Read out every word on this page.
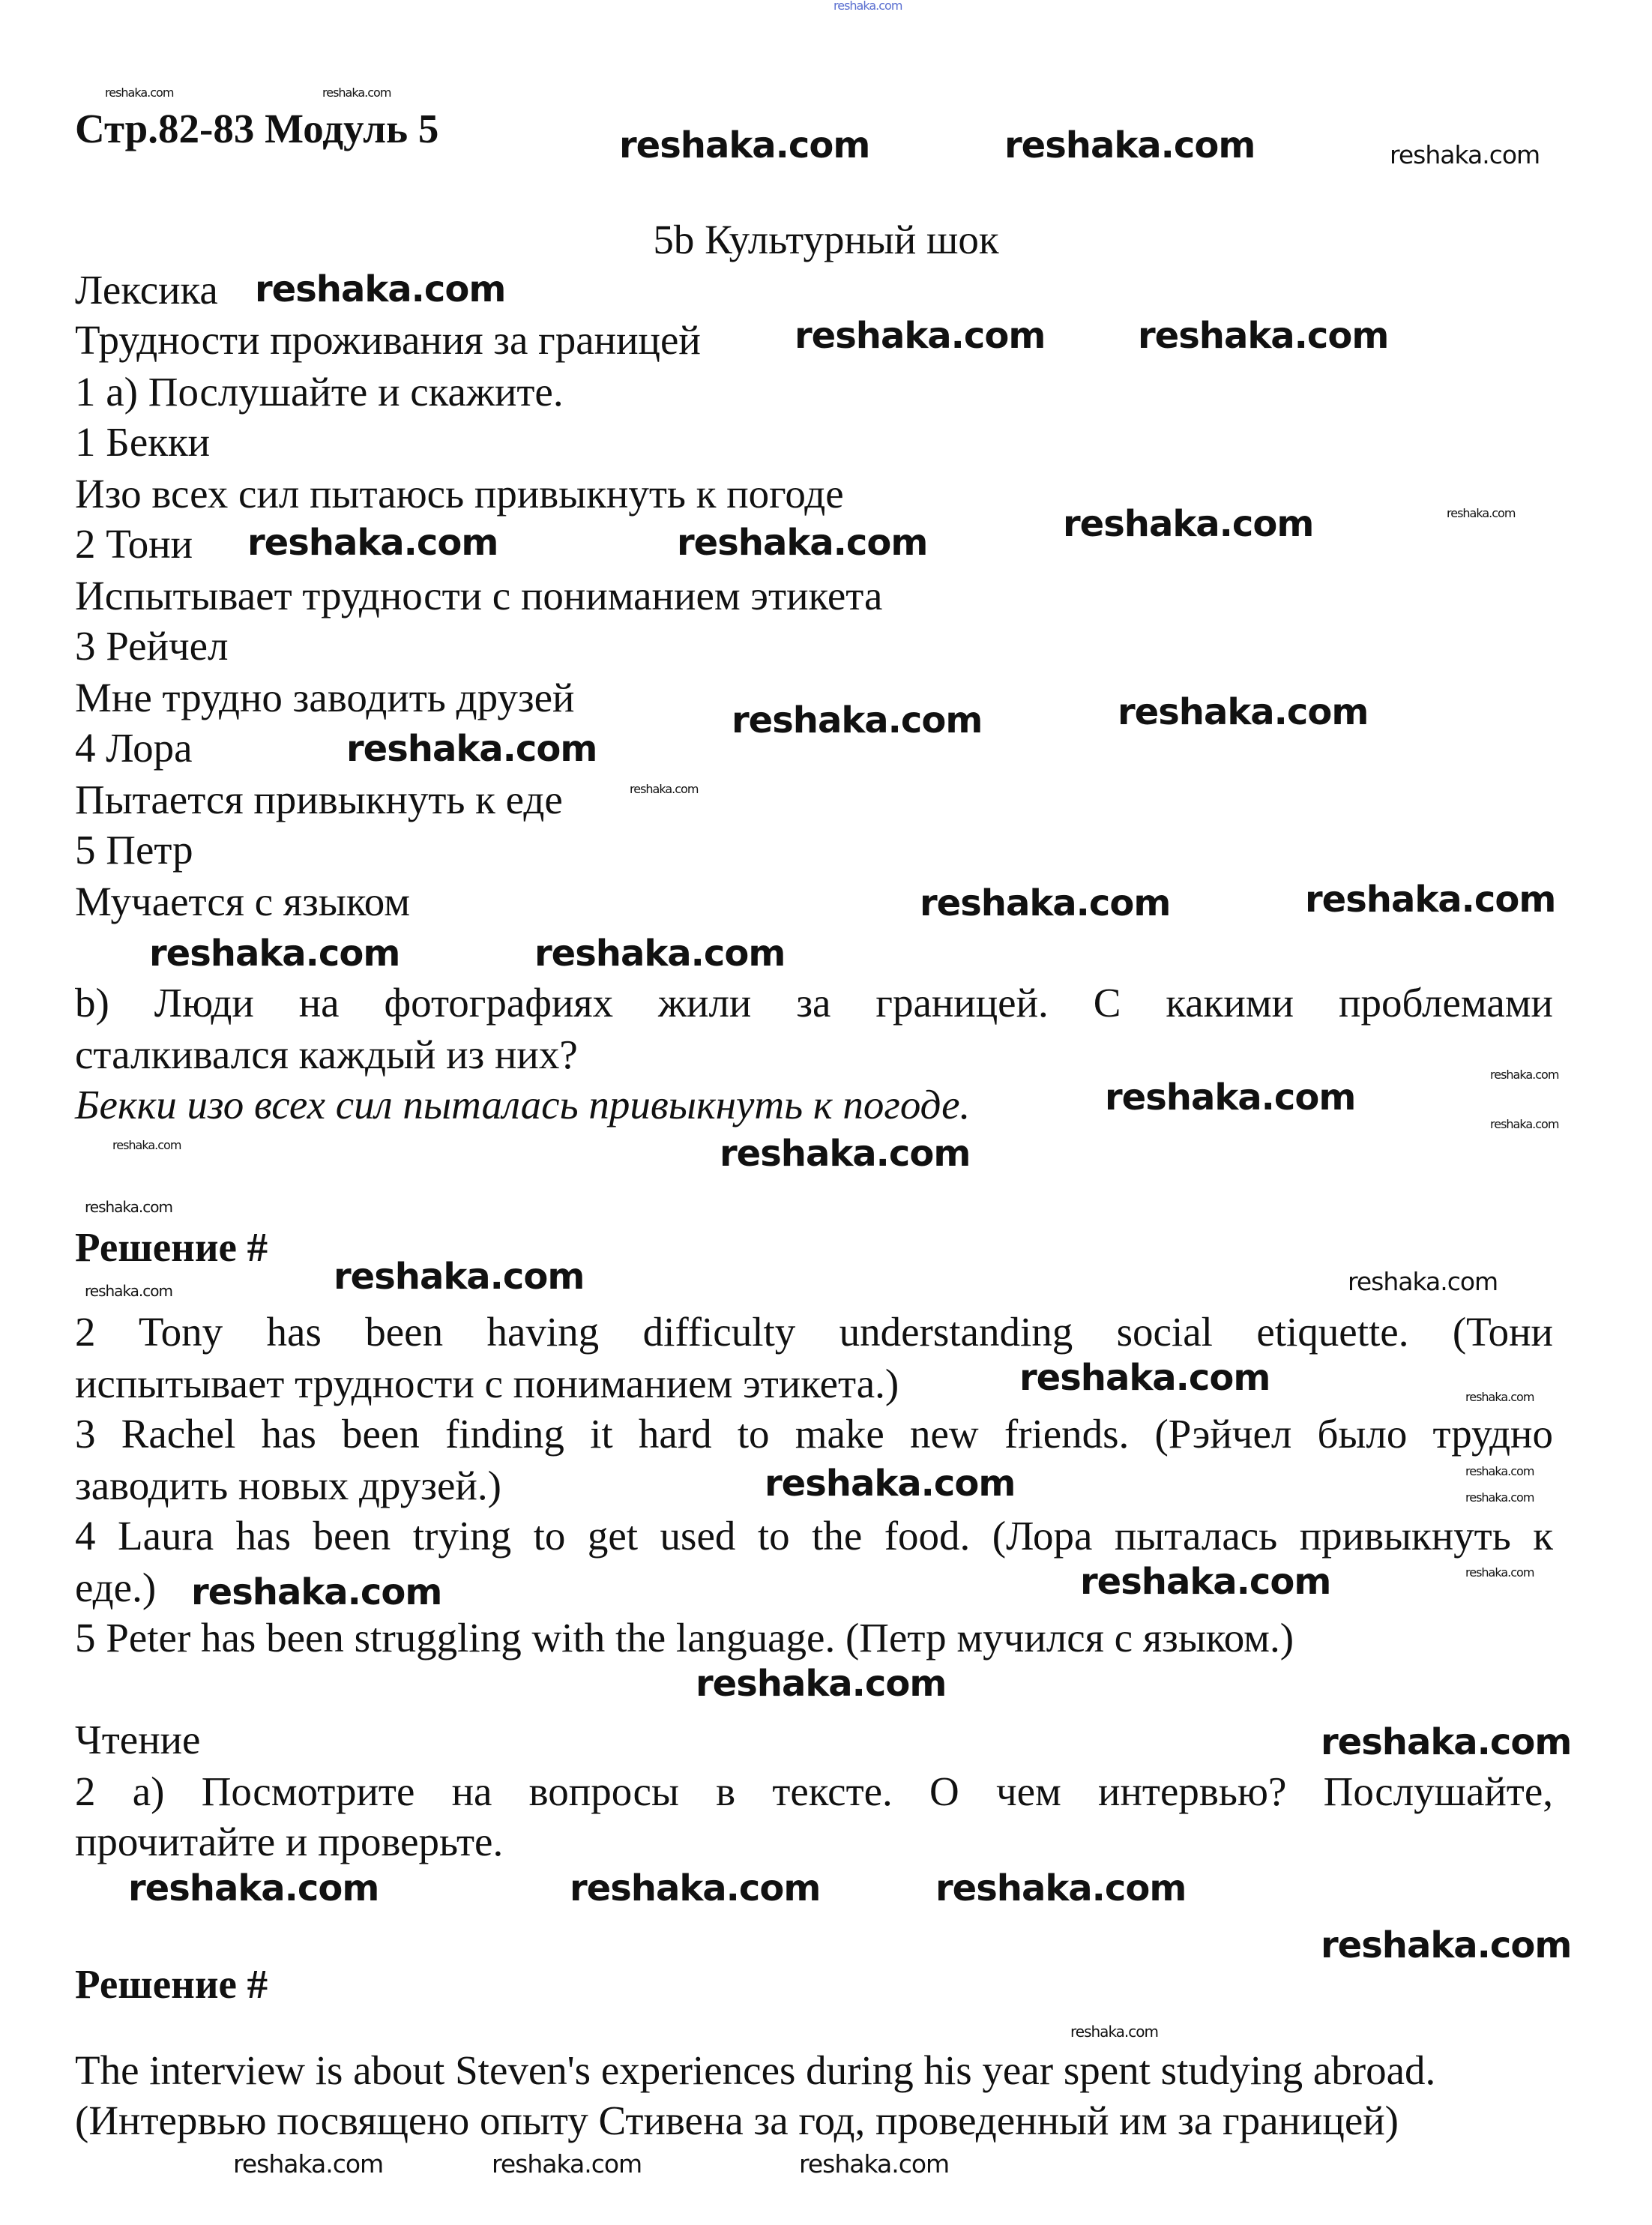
Стр.82-83 Модуль 5
5b Культурный шок
Лексика
Трудности проживания за границей
1 a) Послушайте и скажите.
1 Бекки
Изо всех сил пытаюсь привыкнуть к погоде
2 Тони
Испытывает трудности с пониманием этикета
3 Рейчел
Мне трудно заводить друзей
4 Лора
Пытается привыкнуть к еде
5 Петр
Мучается с языком
b) Люди на фотографиях жили за границей. С какими проблемами
сталкивался каждый из них?
Бекки изо всех сил пыталась привыкнуть к погоде.
Решение #
2 Tony has been having difficulty understanding social etiquette. (Тони
испытывает трудности с пониманием этикета.)
3 Rachel has been finding it hard to make new friends. (Рэйчел было трудно
заводить новых друзей.)
4 Laura has been trying to get used to the food. (Лора пыталась привыкнуть к
еде.)
5 Peter has been struggling with the language. (Петр мучился с языком.)
Чтение
2 a) Посмотрите на вопросы в тексте. О чем интервью? Послушайте,
прочитайте и проверьте.
Решение #
The interview is about Steven's experiences during his year spent studying abroad.
(Интервью посвящено опыту Стивена за год, проведенный им за границей)
reshaka.com
reshaka.com	reshaka.com
reshaka.com	reshaka.com	reshaka.com
reshaka.com
reshaka.com	reshaka.com
reshaka.com	reshaka.com
reshaka.com
reshaka.com
reshaka.com	reshaka.com
reshaka.com
reshaka.com
reshaka.com	reshaka.com
reshaka.com	reshaka.com
reshaka.com
reshaka.com
reshaka.com
reshaka.com
reshaka.com
reshaka.com
reshaka.com	reshaka.com
reshaka.com
reshaka.com	reshaka.com
reshaka.com	reshaka.com
reshaka.com
reshaka.com	reshaka.com
reshaka.com
reshaka.com
reshaka.com
reshaka.com	reshaka.com	reshaka.com
reshaka.com
reshaka.com
reshaka.com	reshaka.com	reshaka.com
